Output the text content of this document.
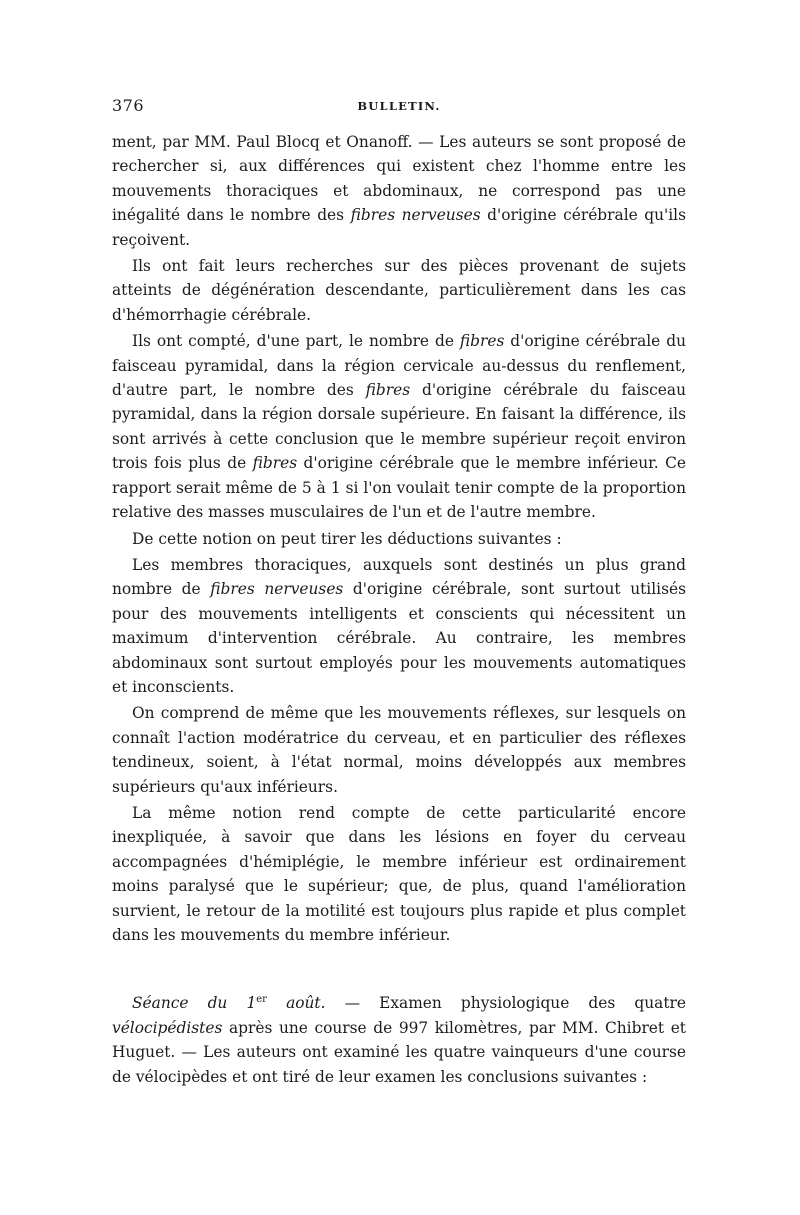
376	BULLETIN.

ment, par MM. Paul Blocq et Onanoff. — Les auteurs se sont proposé de rechercher si, aux différences qui existent chez l'homme entre les mouvements thoraciques et abdominaux, ne correspond pas une inégalité dans le nombre des fibres nerveuses d'origine cérébrale qu'ils reçoivent.

Ils ont fait leurs recherches sur des pièces provenant de sujets atteints de dégénération descendante, particulièrement dans les cas d'hémorrhagie cérébrale.

Ils ont compté, d'une part, le nombre de fibres d'origine cérébrale du faisceau pyramidal, dans la région cervicale au-dessus du renflement, d'autre part, le nombre des fibres d'origine cérébrale du faisceau pyramidal, dans la région dorsale supérieure. En faisant la différence, ils sont arrivés à cette conclusion que le membre supérieur reçoit environ trois fois plus de fibres d'origine cérébrale que le membre inférieur. Ce rapport serait même de 5 à 1 si l'on voulait tenir compte de la proportion relative des masses musculaires de l'un et de l'autre membre.

De cette notion on peut tirer les déductions suivantes :

Les membres thoraciques, auxquels sont destinés un plus grand nombre de fibres nerveuses d'origine cérébrale, sont surtout utilisés pour des mouvements intelligents et conscients qui nécessitent un maximum d'intervention cérébrale. Au contraire, les membres abdominaux sont surtout employés pour les mouvements automatiques et inconscients.

On comprend de même que les mouvements réflexes, sur lesquels on connaît l'action modératrice du cerveau, et en particulier des réflexes tendineux, soient, à l'état normal, moins développés aux membres supérieurs qu'aux inférieurs.

La même notion rend compte de cette particularité encore inexpliquée, à savoir que dans les lésions en foyer du cerveau accompagnées d'hémiplégie, le membre inférieur est ordinairement moins paralysé que le supérieur; que, de plus, quand l'amélioration survient, le retour de la motilité est toujours plus rapide et plus complet dans les mouvements du membre inférieur.

Séance du 1er août. — Examen physiologique des quatre vélocipédistes après une course de 997 kilomètres, par MM. Chibret et Huguet. — Les auteurs ont examiné les quatre vainqueurs d'une course de vélocipèdes et ont tiré de leur examen les conclusions suivantes :
